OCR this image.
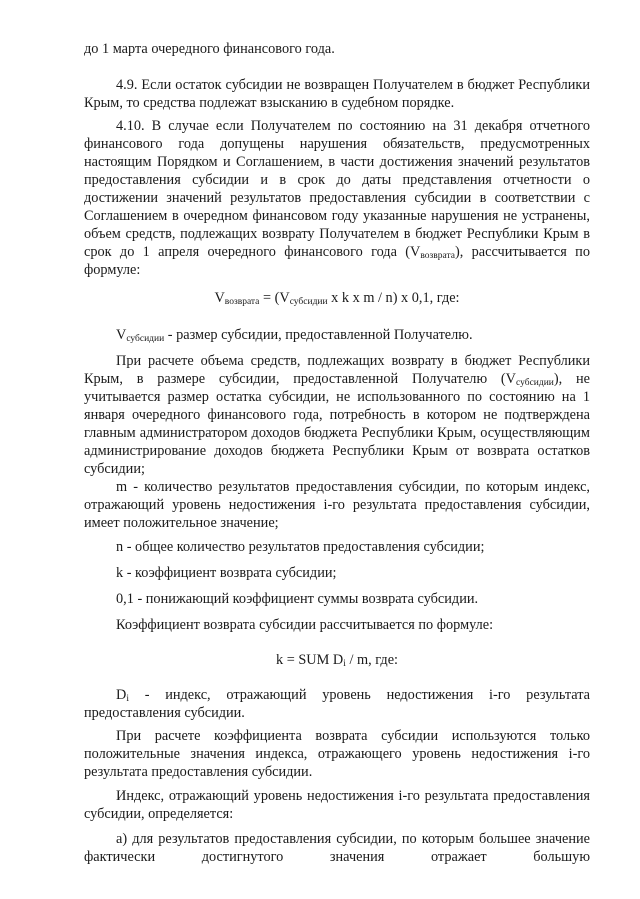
до 1 марта очередного финансового года.
4.9. Если остаток субсидии не возвращен Получателем в бюджет Республики Крым, то средства подлежат взысканию в судебном порядке.
4.10. В случае если Получателем по состоянию на 31 декабря отчетного финансового года допущены нарушения обязательств, предусмотренных настоящим Порядком и Соглашением, в части достижения значений результатов предоставления субсидии и в срок до даты представления отчетности о достижении значений результатов предоставления субсидии в соответствии с Соглашением в очередном финансовом году указанные нарушения не устранены, объем средств, подлежащих возврату Получателем в бюджет Республики Крым в срок до 1 апреля очередного финансового года $(V_{возврата})$, рассчитывается по формуле:
$V_{возврата} = (V_{субсидии}$ x k x m / n) x 0,1, где:
$V_{субсидии}$ - размер субсидии, предоставленной Получателю.
При расчете объема средств, подлежащих возврату в бюджет Республики Крым, в размере субсидии, предоставленной Получателю $(V_{субсидии})$, не учитывается размер остатка субсидии, не использованного по состоянию на 1 января очередного финансового года, потребность в котором не подтверждена главным администратором доходов бюджета Республики Крым, осуществляющим администрирование доходов бюджета Республики Крым от возврата остатков субсидии;
m - количество результатов предоставления субсидии, по которым индекс, отражающий уровень недостижения i-го результата предоставления субсидии, имеет положительное значение;
n - общее количество результатов предоставления субсидии;
k - коэффициент возврата субсидии;
0,1 - понижающий коэффициент суммы возврата субсидии.
Коэффициент возврата субсидии рассчитывается по формуле:
k = SUM $D_i$ / m, где:
$D_i$ - индекс, отражающий уровень недостижения i-го результата предоставления субсидии.
При расчете коэффициента возврата субсидии используются только положительные значения индекса, отражающего уровень недостижения i-го результата предоставления субсидии.
Индекс, отражающий уровень недостижения i-го результата предоставления субсидии, определяется:
а) для результатов предоставления субсидии, по которым большее значение фактически достигнутого значения отражает большую
